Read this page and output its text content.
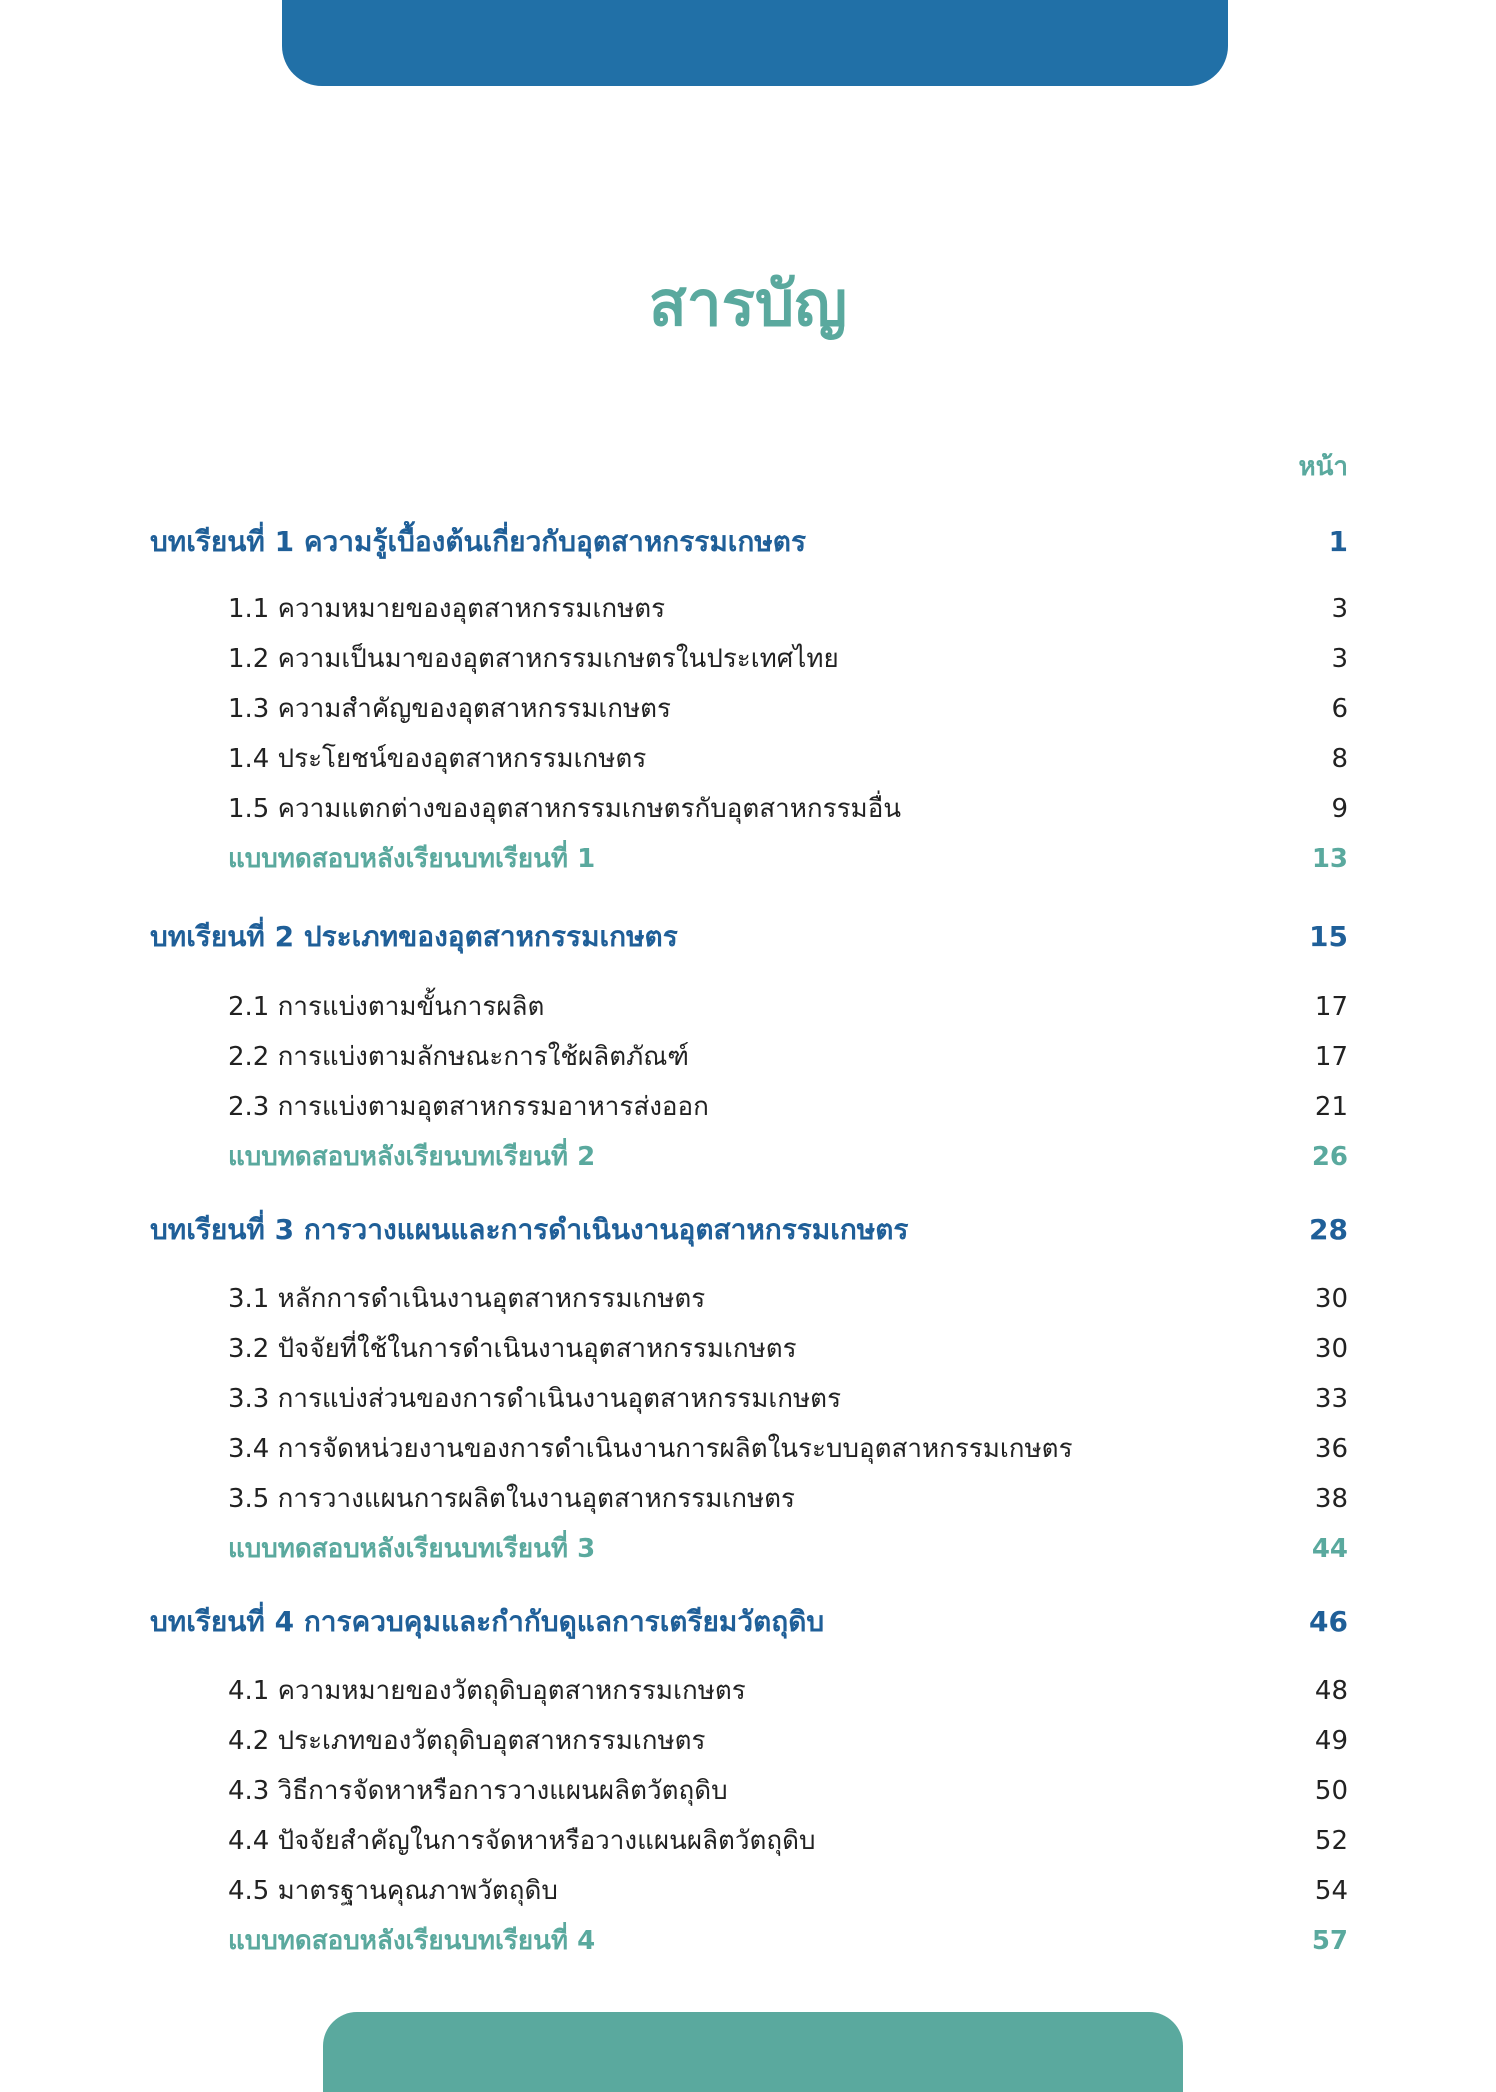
สารบัญ
หน้า
บทเรียนที่ 1 ความรู้เบื้องต้นเกี่ยวกับอุตสาหกรรมเกษตร	1
1.1 ความหมายของอุตสาหกรรมเกษตร	3
1.2 ความเป็นมาของอุตสาหกรรมเกษตรในประเทศไทย	3
1.3 ความสำคัญของอุตสาหกรรมเกษตร	6
1.4 ประโยชน์ของอุตสาหกรรมเกษตร	8
1.5 ความแตกต่างของอุตสาหกรรมเกษตรกับอุตสาหกรรมอื่น	9
แบบทดสอบหลังเรียนบทเรียนที่ 1	13
บทเรียนที่ 2 ประเภทของอุตสาหกรรมเกษตร	15
2.1 การแบ่งตามขั้นการผลิต	17
2.2 การแบ่งตามลักษณะการใช้ผลิตภัณฑ์	17
2.3 การแบ่งตามอุตสาหกรรมอาหารส่งออก	21
แบบทดสอบหลังเรียนบทเรียนที่ 2	26
บทเรียนที่ 3 การวางแผนและการดำเนินงานอุตสาหกรรมเกษตร	28
3.1 หลักการดำเนินงานอุตสาหกรรมเกษตร	30
3.2 ปัจจัยที่ใช้ในการดำเนินงานอุตสาหกรรมเกษตร	30
3.3 การแบ่งส่วนของการดำเนินงานอุตสาหกรรมเกษตร	33
3.4 การจัดหน่วยงานของการดำเนินงานการผลิตในระบบอุตสาหกรรมเกษตร	36
3.5 การวางแผนการผลิตในงานอุตสาหกรรมเกษตร	38
แบบทดสอบหลังเรียนบทเรียนที่ 3	44
บทเรียนที่ 4 การควบคุมและกำกับดูแลการเตรียมวัตถุดิบ	46
4.1 ความหมายของวัตถุดิบอุตสาหกรรมเกษตร	48
4.2 ประเภทของวัตถุดิบอุตสาหกรรมเกษตร	49
4.3 วิธีการจัดหาหรือการวางแผนผลิตวัตถุดิบ	50
4.4 ปัจจัยสำคัญในการจัดหาหรือวางแผนผลิตวัตถุดิบ	52
4.5 มาตรฐานคุณภาพวัตถุดิบ	54
แบบทดสอบหลังเรียนบทเรียนที่ 4	57
